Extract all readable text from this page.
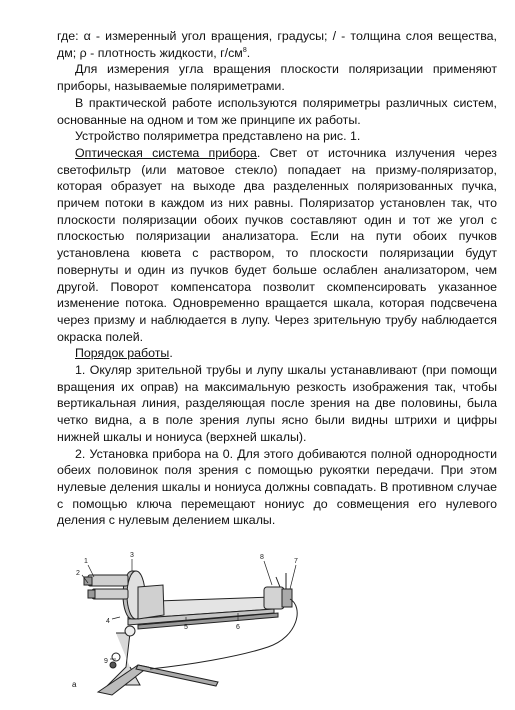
где: α - измеренный угол вращения, градусы; / - толщина слоя вещества, дм; ρ - плотность жидкости, $г/см^8$.

Для измерения угла вращения плоскости поляризации применяют приборы, называемые поляриметрами.

В практической работе используются поляриметры различных систем, основанные на одном и том же принципе их работы.

Устройство поляриметра представлено на рис. 1.

Оптическая система прибора. Свет от источника излучения через светофильтр (или матовое стекло) попадает на призму-поляризатор, которая образует на выходе два разделенных поляризованных пучка, причем потоки в каждом из них равны. Поляризатор установлен так, что плоскости поляризации обоих пучков составляют один и тот же угол с плоскостью поляризации анализатора. Если на пути обоих пучков установлена кювета с раствором, то плоскости поляризации будут повернуты и один из пучков будет больше ослаблен анализатором, чем другой. Поворот компенсатора позволит скомпенсировать указанное изменение потока. Одновременно вращается шкала, которая подсвечена через призму и наблюдается в лупу. Через зрительную трубу наблюдается окраска полей.

Порядок работы.

1. Окуляр зрительной трубы и лупу шкалы устанавливают (при помощи вращения их оправ) на максимальную резкость изображения так, чтобы вертикальная линия, разделяющая после зрения на две половины, была четко видна, а в поле зрения лупы ясно были видны штрихи и цифры нижней шкалы и нониуса (верхней шкалы).

2. Установка прибора на 0. Для этого добиваются полной однородности обеих половинок поля зрения с помощью рукоятки передачи. При этом нулевые деления шкалы и нониуса должны совпадать. В противном случае с помощью ключа перемещают нониус до совмещения его нулевого деления с нулевым делением шкалы.

1
2
3
4
5	6
7
8
9
а
